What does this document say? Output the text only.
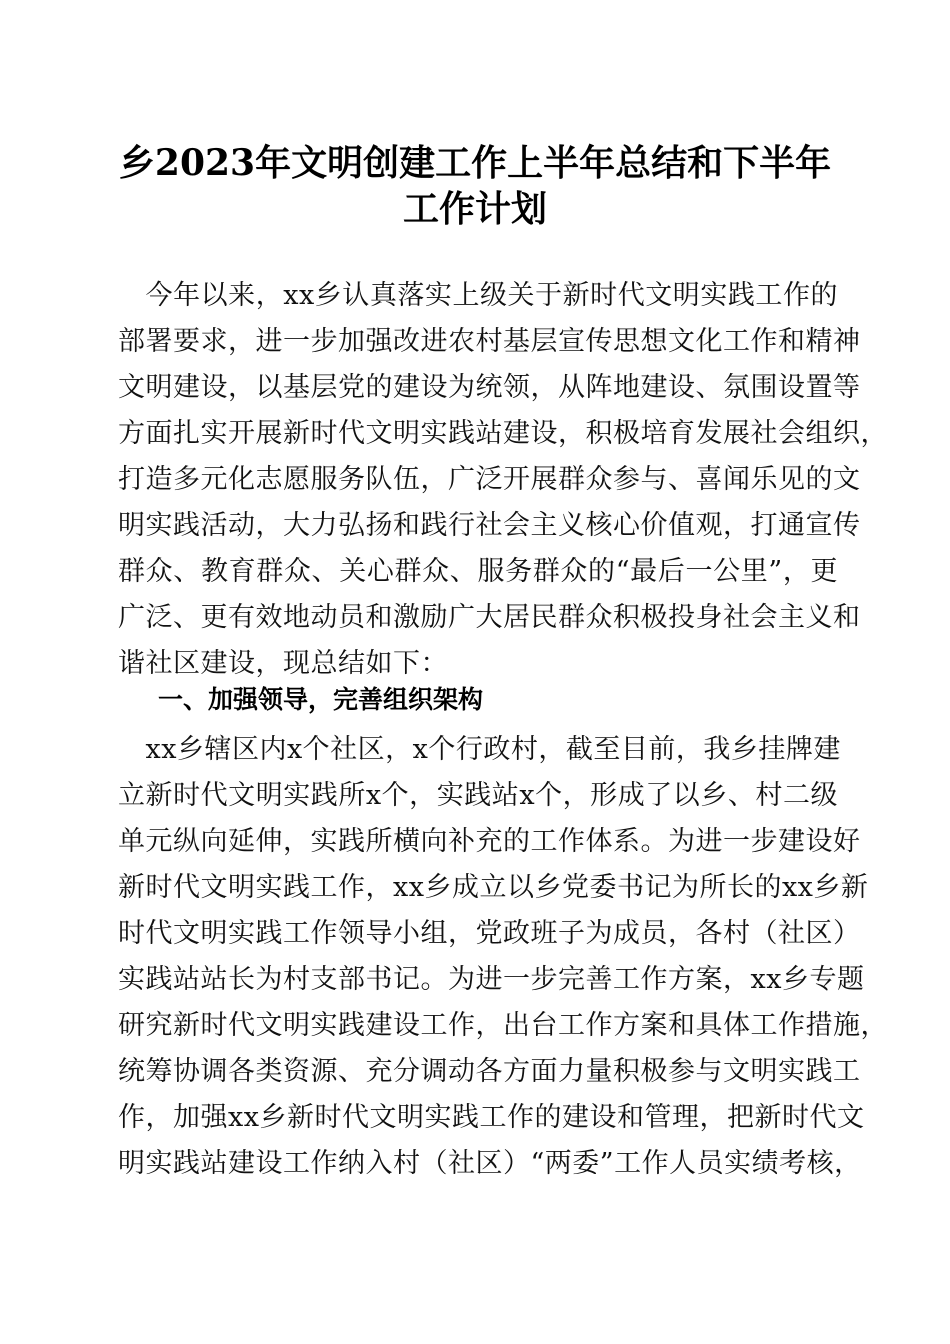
乡2023年文明创建工作上半年总结和下半年
工作计划
　今年以来，xx乡认真落实上级关于新时代文明实践工作的
部署要求，进一步加强改进农村基层宣传思想文化工作和精神
文明建设，以基层党的建设为统领，从阵地建设、氛围设置等
方面扎实开展新时代文明实践站建设，积极培育发展社会组织，
打造多元化志愿服务队伍，广泛开展群众参与、喜闻乐见的文
明实践活动，大力弘扬和践行社会主义核心价值观，打通宣传
群众、教育群众、关心群众、服务群众的“最后一公里”，更
广泛、更有效地动员和激励广大居民群众积极投身社会主义和
谐社区建设，现总结如下：
一、加强领导，完善组织架构
　xx乡辖区内x个社区，x个行政村，截至目前，我乡挂牌建
立新时代文明实践所x个，实践站x个，形成了以乡、村二级
单元纵向延伸，实践所横向补充的工作体系。为进一步建设好
新时代文明实践工作，xx乡成立以乡党委书记为所长的xx乡新
时代文明实践工作领导小组，党政班子为成员，各村（社区）
实践站站长为村支部书记。为进一步完善工作方案，xx乡专题
研究新时代文明实践建设工作，出台工作方案和具体工作措施，
统筹协调各类资源、充分调动各方面力量积极参与文明实践工
作，加强xx乡新时代文明实践工作的建设和管理，把新时代文
明实践站建设工作纳入村（社区）“两委”工作人员实绩考核，
